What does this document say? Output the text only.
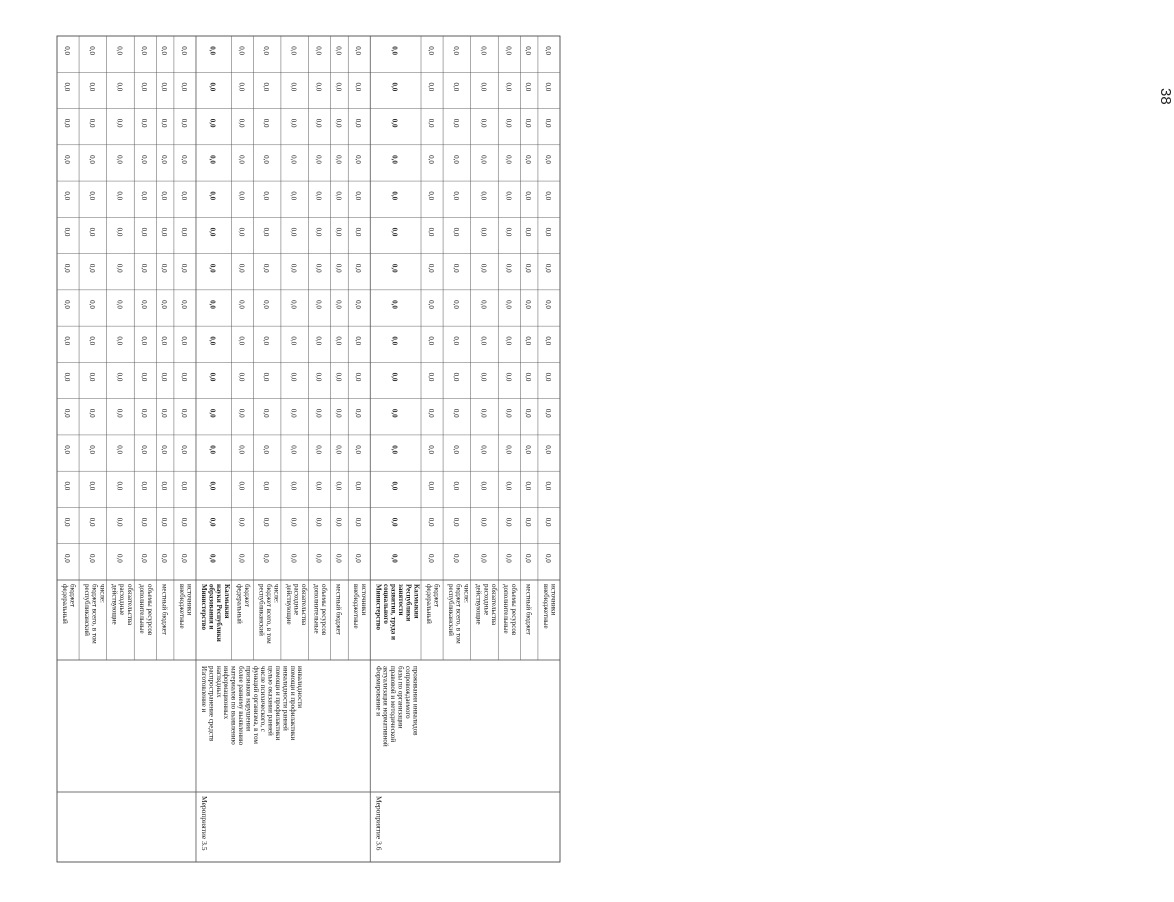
38
федеральный бюджет
0,0
0,0
0,0
0,0
0,0
0,0
0,0
0,0
0,0
0,0
0,0
0,0
0,0
0,0
0,0
республиканский бюджет всего, в том числе:
0,0
0,0
0,0
0,0
0,0
0,0
0,0
0,0
0,0
0,0
0,0
0,0
0,0
0,0
0,0
действующие расходные обязательства
0,0
0,0
0,0
0,0
0,0
0,0
0,0
0,0
0,0
0,0
0,0
0,0
0,0
0,0
0,0
дополнительные объемы ресурсов
0,0
0,0
0,0
0,0
0,0
0,0
0,0
0,0
0,0
0,0
0,0
0,0
0,0
0,0
0,0
местный бюджет
0,0
0,0
0,0
0,0
0,0
0,0
0,0
0,0
0,0
0,0
0,0
0,0
0,0
0,0
0,0
внебюджетные источники
0,0
0,0
0,0
0,0
0,0
0,0
0,0
0,0
0,0
0,0
0,0
0,0
0,0
0,0
0,0
Министерство образования и науки Республики Калмыкия
0,0
0,0
0,0
0,0
0,0
0,0
0,0
0,0
0,0
0,0
0,0
0,0
0,0
0,0
0,0
федеральный бюджет
0,0
0,0
0,0
0,0
0,0
0,0
0,0
0,0
0,0
0,0
0,0
0,0
0,0
0,0
0,0
республиканский бюджет всего, в том числе:
0,0
0,0
0,0
0,0
0,0
0,0
0,0
0,0
0,0
0,0
0,0
0,0
0,0
0,0
0,0
действующие расходные обязательства
0,0
0,0
0,0
0,0
0,0
0,0
0,0
0,0
0,0
0,0
0,0
0,0
0,0
0,0
0,0
дополнительные объемы ресурсов
0,0
0,0
0,0
0,0
0,0
0,0
0,0
0,0
0,0
0,0
0,0
0,0
0,0
0,0
0,0
местный бюджет
0,0
0,0
0,0
0,0
0,0
0,0
0,0
0,0
0,0
0,0
0,0
0,0
0,0
0,0
0,0
внебюджетные источники
0,0
0,0
0,0
0,0
0,0
0,0
0,0
0,0
0,0
0,0
0,0
0,0
0,0
0,0
0,0
Министерство социального развития, труда и занятости Республики Калмыкия
0,0
0,0
0,0
0,0
0,0
0,0
0,0
0,0
0,0
0,0
0,0
0,0
0,0
0,0
0,0
федеральный бюджет
0,0
0,0
0,0
0,0
0,0
0,0
0,0
0,0
0,0
0,0
0,0
0,0
0,0
0,0
0,0
республиканский бюджет всего, в том числе:
0,0
0,0
0,0
0,0
0,0
0,0
0,0
0,0
0,0
0,0
0,0
0,0
0,0
0,0
0,0
действующие расходные обязательства
0,0
0,0
0,0
0,0
0,0
0,0
0,0
0,0
0,0
0,0
0,0
0,0
0,0
0,0
0,0
дополнительные объемы ресурсов
0,0
0,0
0,0
0,0
0,0
0,0
0,0
0,0
0,0
0,0
0,0
0,0
0,0
0,0
0,0
местный бюджет
0,0
0,0
0,0
0,0
0,0
0,0
0,0
0,0
0,0
0,0
0,0
0,0
0,0
0,0
0,0
внебюджетные источники
0,0
0,0
0,0
0,0
0,0
0,0
0,0
0,0
0,0
0,0
0,0
0,0
0,0
0,0
0,0
Мероприятие 3.5
Изготовление и распространение средств наглядных информационных материалов по выявлению более раннему выявлению признаков нарушения функций организма, в том числе психического, с целью оказания ранней помощи и профилактики инвалидности ранней помощи и профилактики инвалидности
Мероприятие 3.6
Формирование и актуализация нормативной правовой и методической базы по организации сопровождаемого проживания инвалидов
